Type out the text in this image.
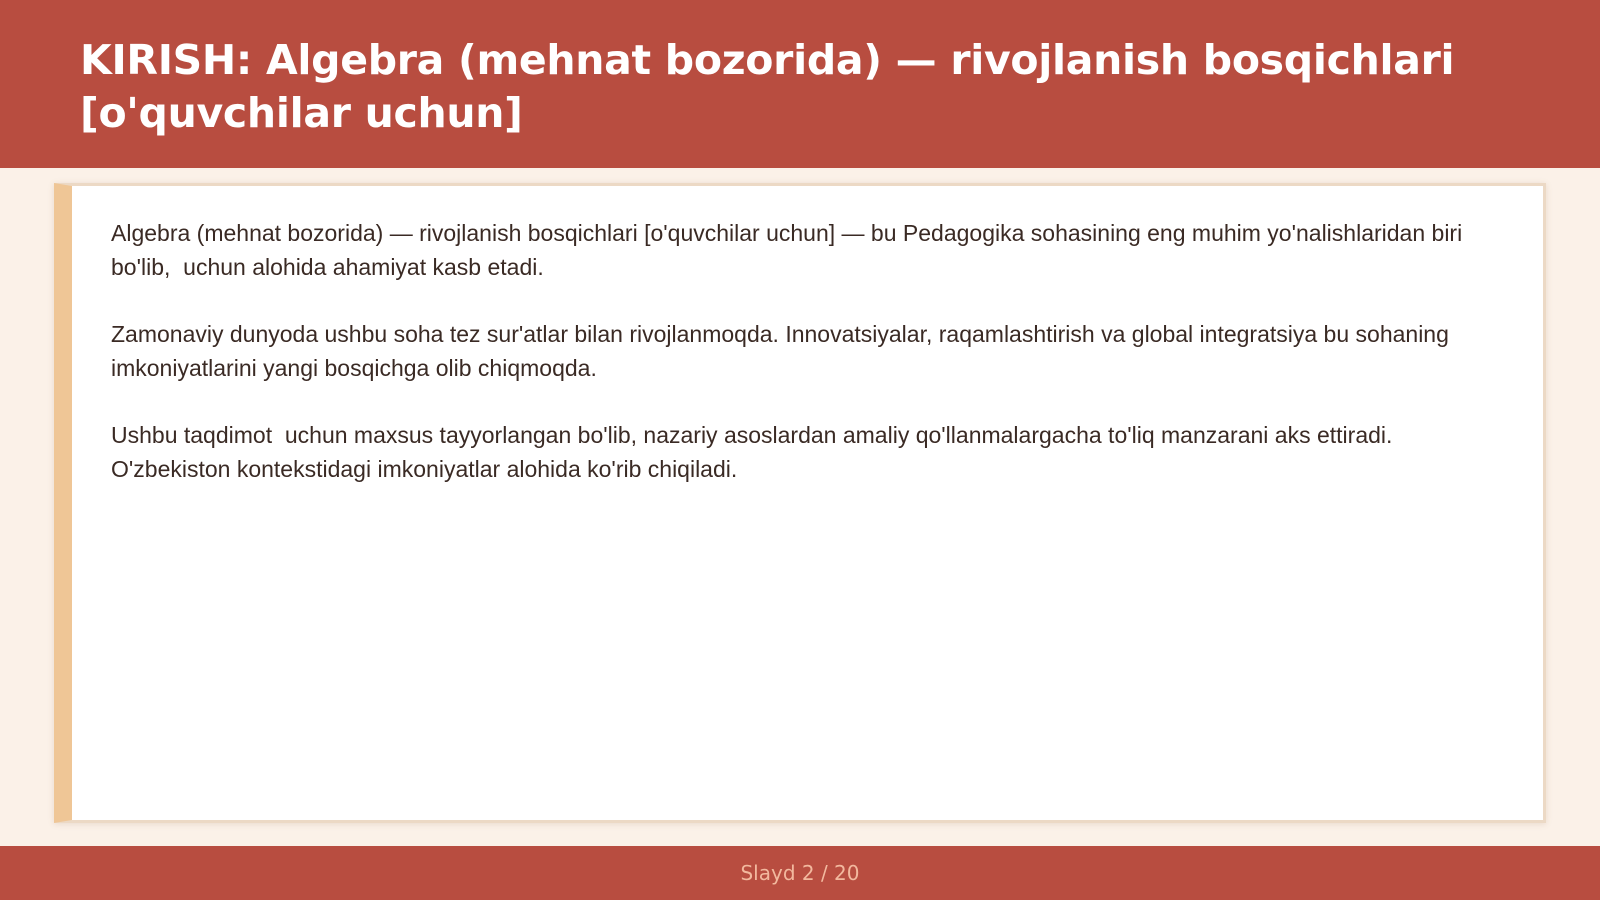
KIRISH: Algebra (mehnat bozorida) — rivojlanish bosqichlari [o'quvchilar uchun]

Algebra (mehnat bozorida) — rivojlanish bosqichlari [o'quvchilar uchun] — bu Pedagogika sohasining eng muhim yo'nalishlaridan biri bo'lib,  uchun alohida ahamiyat kasb etadi.

Zamonaviy dunyoda ushbu soha tez sur'atlar bilan rivojlanmoqda. Innovatsiyalar, raqamlashtirish va global integratsiya bu sohaning imkoniyatlarini yangi bosqichga olib chiqmoqda.

Ushbu taqdimot  uchun maxsus tayyorlangan bo'lib, nazariy asoslardan amaliy qo'llanmalargacha to'liq manzarani aks ettiradi. O'zbekiston kontekstidagi imkoniyatlar alohida ko'rib chiqiladi.

Slayd 2 / 20
